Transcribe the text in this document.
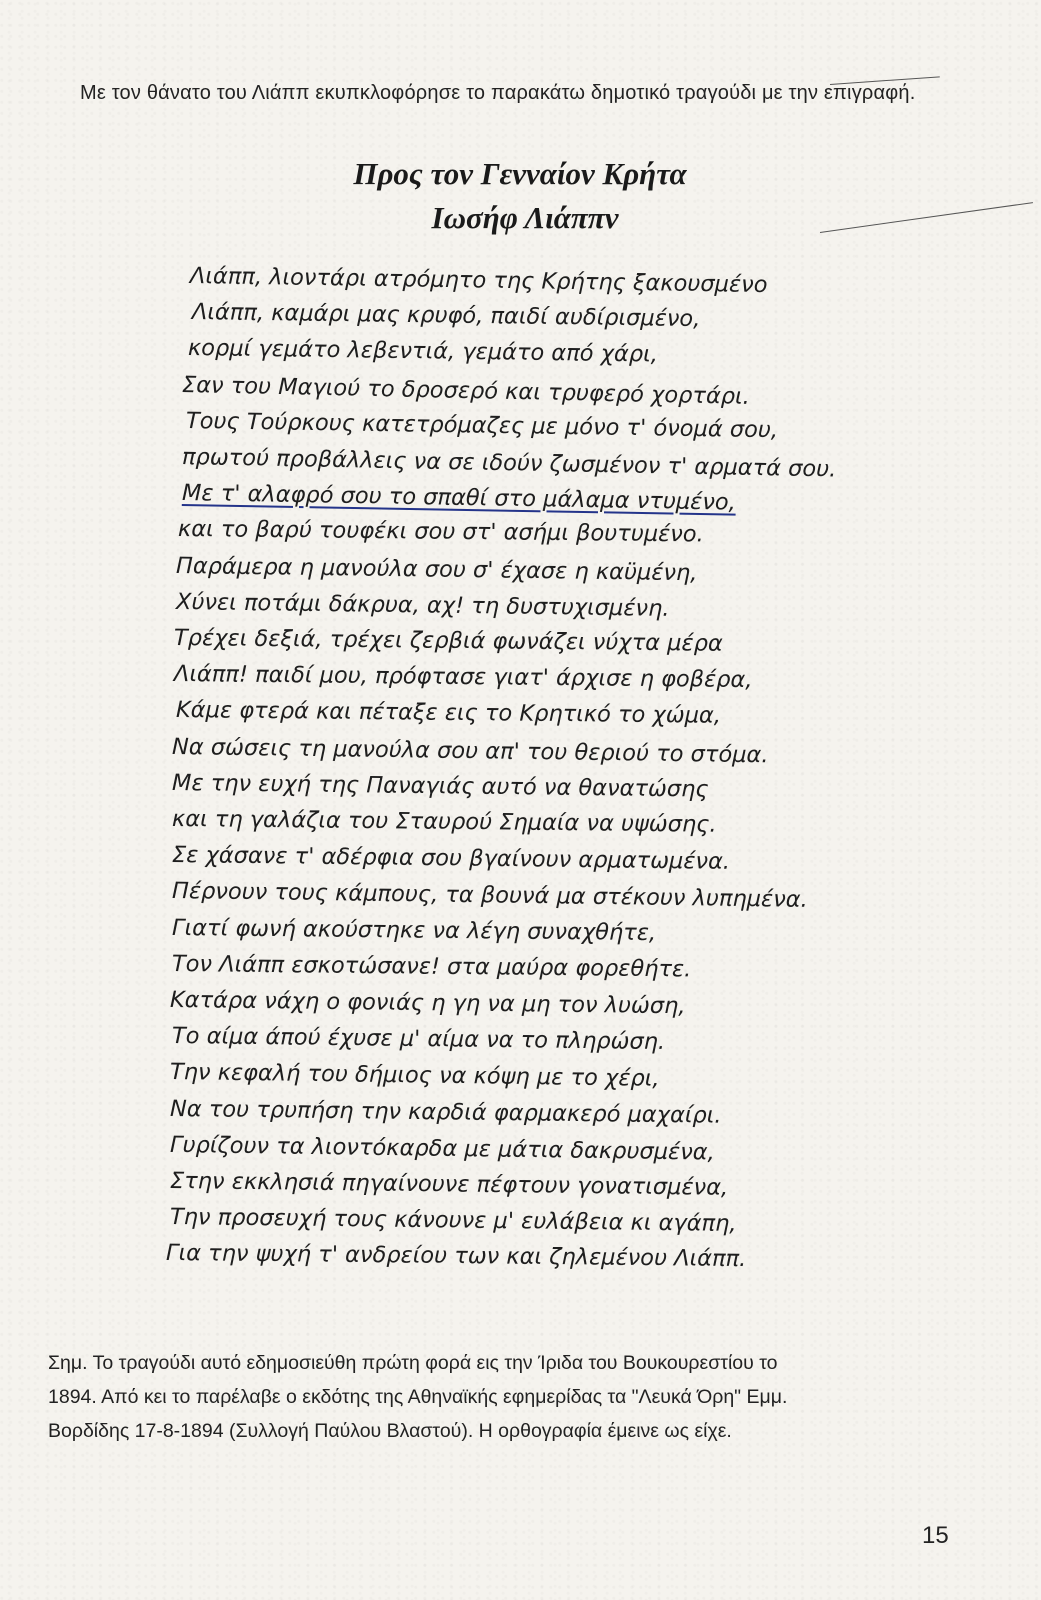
Με τον θάνατο του Λιάππ εκυπκλοφόρησε το παρακάτω δημοτικό τραγούδι με την επιγραφή.
Προς τον Γενναίον Κρήτα
Ιωσήφ Λιάππν
Λιάππ, λιοντάρι ατρόμητο της Κρήτης ξακουσμένο
Λιάππ, καμάρι μας κρυφό, παιδί αυδίρισμένο,
κορμί γεμάτο λεβεντιά, γεμάτο από χάρι,
Σαν του Μαγιού το δροσερό και τρυφερό χορτάρι.
Τους Τούρκους κατετρόμαζες με μόνο τ' όνομά σου,
πρωτού προβάλλεις να σε ιδούν ζωσμένον τ' αρματά σου.
Με τ' αλαφρό σου το σπαθί στο μάλαμα ντυμένο,
και το βαρύ τουφέκι σου στ' ασήμι βουτυμένο.
Παράμερα η μανούλα σου σ' έχασε η καϋμένη,
Χύνει ποτάμι δάκρυα, αχ! τη δυστυχισμένη.
Τρέχει δεξιά, τρέχει ζερβιά φωνάζει νύχτα μέρα
Λιάππ! παιδί μου, πρόφτασε γιατ' άρχισε η φοβέρα,
Κάμε φτερά και πέταξε εις το Κρητικό το χώμα,
Να σώσεις τη μανούλα σου απ' του θεριού το στόμα.
Με την ευχή της Παναγιάς αυτό να θανατώσης
και τη γαλάζια του Σταυρού Σημαία να υψώσης.
Σε χάσανε τ' αδέρφια σου βγαίνουν αρματωμένα.
Πέρνουν τους κάμπους, τα βουνά μα στέκουν λυπημένα.
Γιατί φωνή ακούστηκε να λέγη συναχθήτε,
Τον Λιάππ εσκοτώσανε! στα μαύρα φορεθήτε.
Κατάρα νάχη ο φονιάς η γη να μη τον λυώση,
Το αίμα άπού έχυσε μ' αίμα να το πληρώση.
Την κεφαλή του δήμιος να κόψη με το χέρι,
Να του τρυπήση την καρδιά φαρμακερό μαχαίρι.
Γυρίζουν τα λιοντόκαρδα με μάτια δακρυσμένα,
Στην εκκλησιά πηγαίνουνε πέφτουν γονατισμένα,
Την προσευχή τους κάνουνε μ' ευλάβεια κι αγάπη,
Για την ψυχή τ' ανδρείου των και ζηλεμένου Λιάππ.
Σημ. Το τραγούδι αυτό εδημοσιεύθη πρώτη φορά εις την Ίριδα του Βουκουρεστίου το
1894. Από κει το παρέλαβε ο εκδότης της Αθηναϊκής εφημερίδας τα "Λευκά Όρη" Εμμ.
Βορδίδης 17-8-1894 (Συλλογή Παύλου Βλαστού). Η ορθογραφία έμεινε ως είχε.
15
